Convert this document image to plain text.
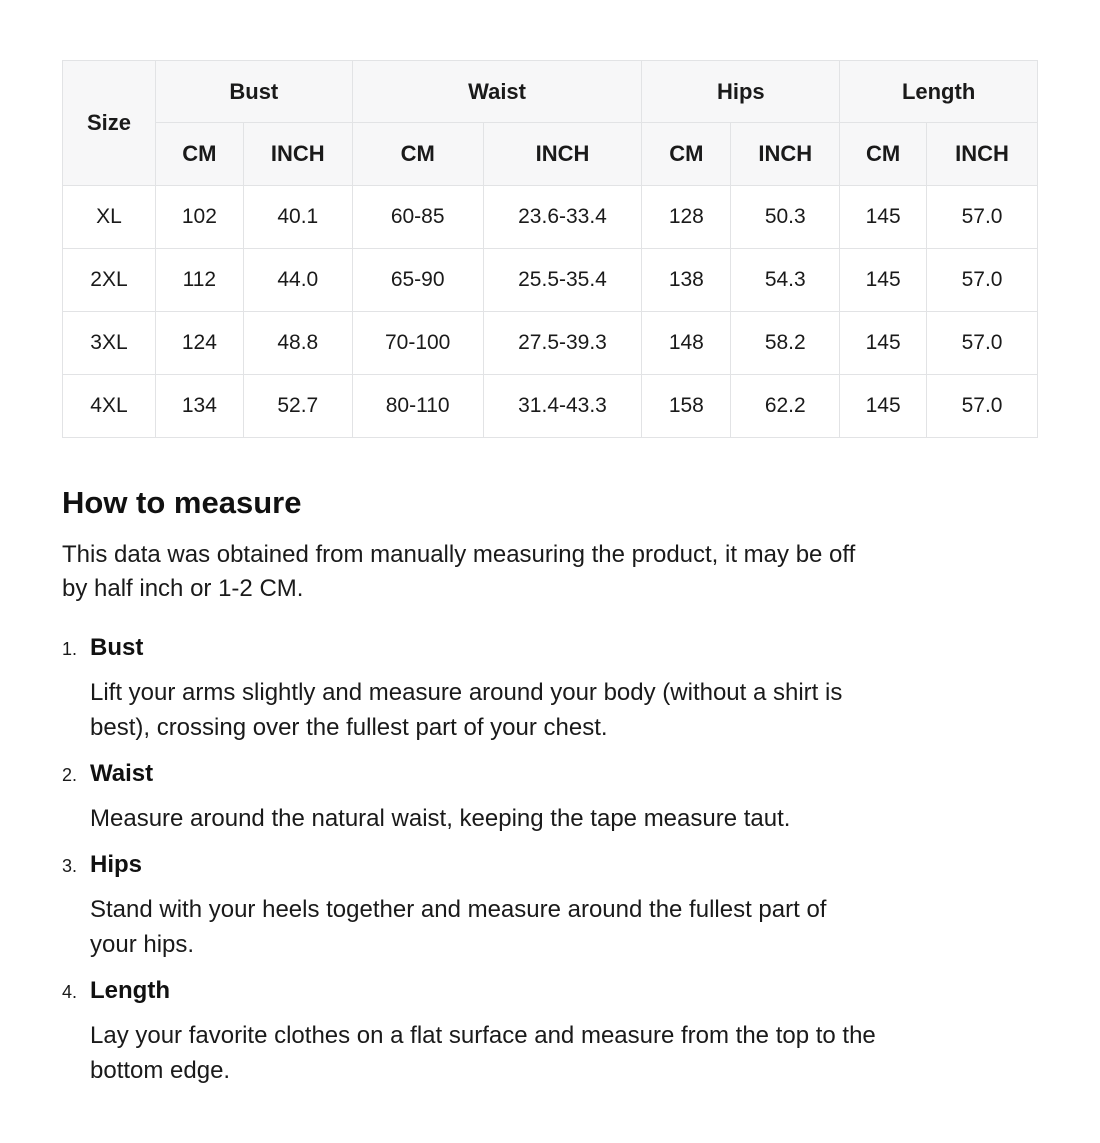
Size	Bust		Waist		Hips		Length	
	CM	INCH	CM	INCH	CM	INCH	CM	INCH
XL	102	40.1	60-85	23.6-33.4	128	50.3	145	57.0
2XL	112	44.0	65-90	25.5-35.4	138	54.3	145	57.0
3XL	124	48.8	70-100	27.5-39.3	148	58.2	145	57.0
4XL	134	52.7	80-110	31.4-43.3	158	62.2	145	57.0
How to measure

This data was obtained from manually measuring the product, it may be off
by half inch or 1-2 CM.

1. Bust

Lift your arms slightly and measure around your body (without a shirt is
best), crossing over the fullest part of your chest.

2. Waist

Measure around the natural waist, keeping the tape measure taut.

3. Hips

Stand with your heels together and measure around the fullest part of
your hips.

4. Length

Lay your favorite clothes on a flat surface and measure from the top to the
bottom edge.
